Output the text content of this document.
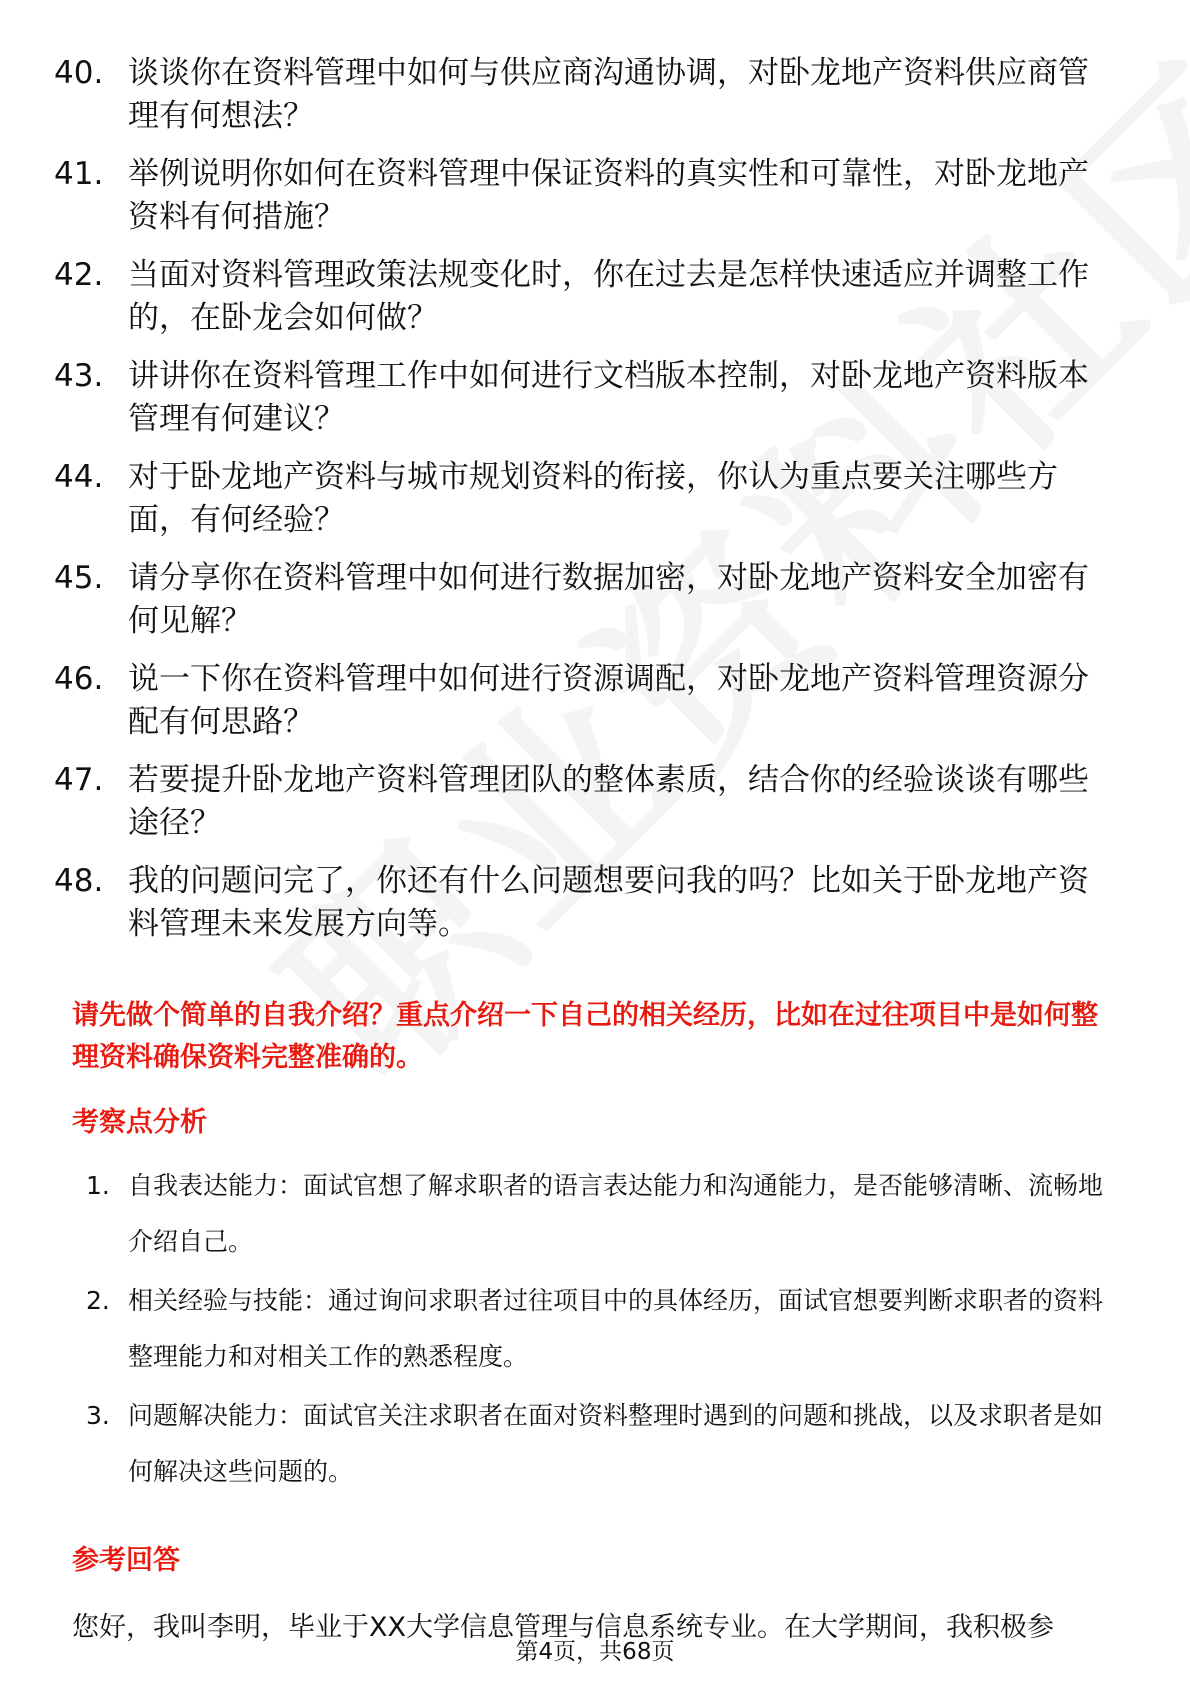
40. 谈谈你在资料管理中如何与供应商沟通协调，对卧龙地产资料供应商管理有何想法？
41. 举例说明你如何在资料管理中保证资料的真实性和可靠性，对卧龙地产资料有何措施？
42. 当面对资料管理政策法规变化时，你在过去是怎样快速适应并调整工作的，在卧龙会如何做？
43. 讲讲你在资料管理工作中如何进行文档版本控制，对卧龙地产资料版本管理有何建议？
44. 对于卧龙地产资料与城市规划资料的衔接，你认为重点要关注哪些方面，有何经验？
45. 请分享你在资料管理中如何进行数据加密，对卧龙地产资料安全加密有何见解？
46. 说一下你在资料管理中如何进行资源调配，对卧龙地产资料管理资源分配有何思路？
47. 若要提升卧龙地产资料管理团队的整体素质，结合你的经验谈谈有哪些途径？
48. 我的问题问完了，你还有什么问题想要问我的吗？比如关于卧龙地产资料管理未来发展方向等。
请先做个简单的自我介绍？重点介绍一下自己的相关经历，比如在过往项目中是如何整理资料确保资料完整准确的。
考察点分析
1. 自我表达能力：面试官想了解求职者的语言表达能力和沟通能力，是否能够清晰、流畅地介绍自己。
2. 相关经验与技能：通过询问求职者过往项目中的具体经历，面试官想要判断求职者的资料整理能力和对相关工作的熟悉程度。
3. 问题解决能力：面试官关注求职者在面对资料整理时遇到的问题和挑战，以及求职者是如何解决这些问题的。
参考回答
您好，我叫李明，毕业于XX大学信息管理与信息系统专业。在大学期间，我积极参
第4页，共68页
